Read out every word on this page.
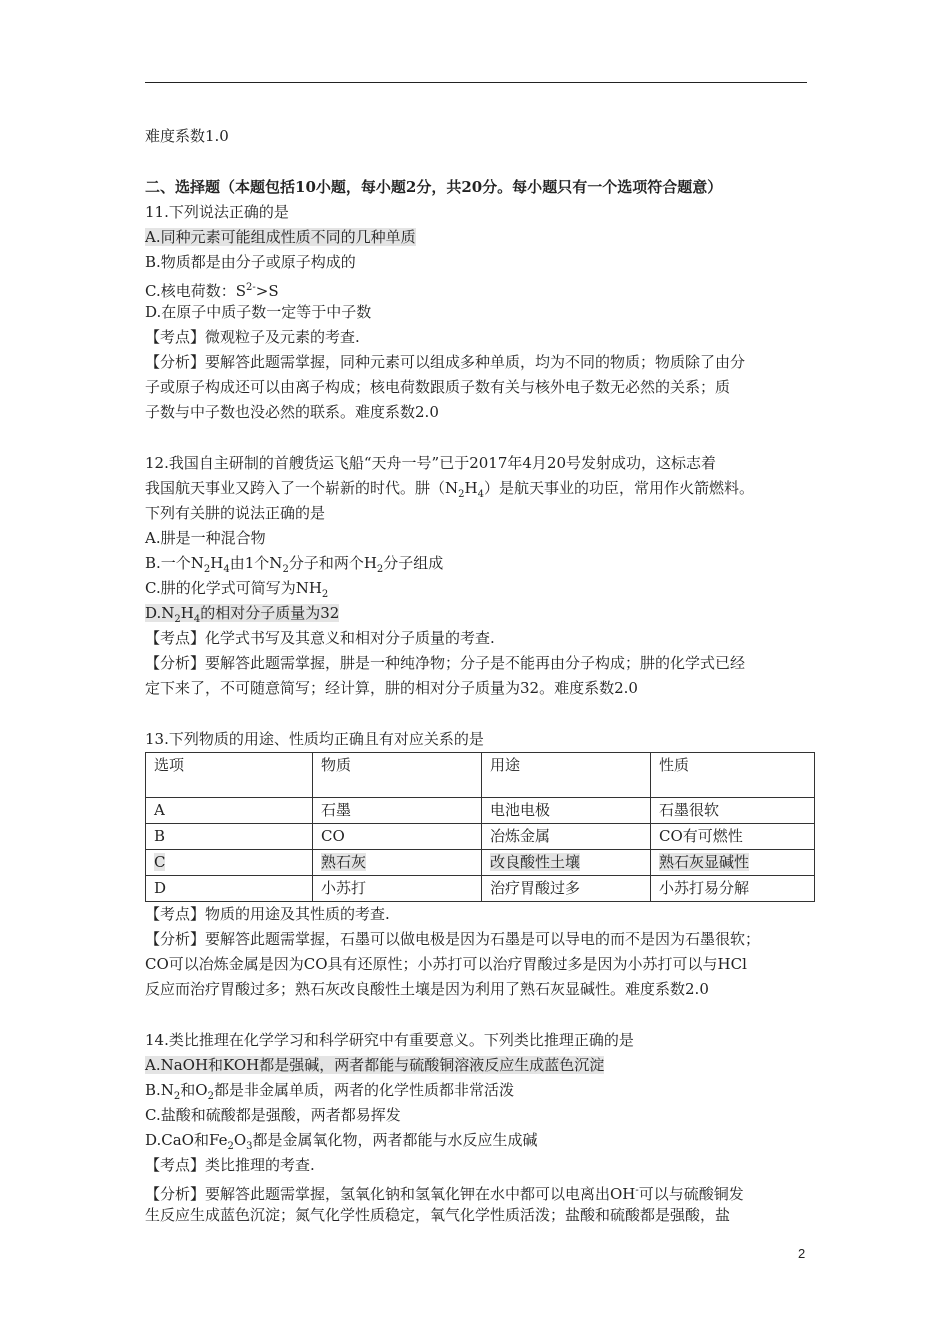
难度系数1.0
二、选择题（本题包括10小题，每小题2分，共20分。每小题只有一个选项符合题意）
11.下列说法正确的是
A.同种元素可能组成性质不同的几种单质
B.物质都是由分子或原子构成的
C.核电荷数：$S^{2-}>S$
D.在原子中质子数一定等于中子数
【考点】微观粒子及元素的考查.
【分析】要解答此题需掌握，同种元素可以组成多种单质，均为不同的物质；物质除了由分
子或原子构成还可以由离子构成；核电荷数跟质子数有关与核外电子数无必然的关系；质
子数与中子数也没必然的联系。难度系数2.0
12.我国自主研制的首艘货运飞船“天舟一号”已于2017年4月20号发射成功，这标志着
我国航天事业又跨入了一个崭新的时代。肼$(N_2H_4)$是航天事业的功臣，常用作火箭燃料。
下列有关肼的说法正确的是
A.肼是一种混合物
B.一个$N_2H_4$由1个$N_2$分子和两个$H_2$分子组成
C.肼的化学式可简写为$NH_2$
$D.N_2H_4$的相对分子质量为32
【考点】化学式书写及其意义和相对分子质量的考查.
【分析】要解答此题需掌握，肼是一种纯净物；分子是不能再由分子构成；肼的化学式已经
定下来了，不可随意简写；经计算，肼的相对分子质量为32。难度系数2.0
13.下列物质的用途、性质均正确且有对应关系的是
选项	物质	用途	性质
A	石墨	电池电极	石墨很软
B	CO	冶炼金属	CO有可燃性
C	熟石灰	改良酸性土壤	熟石灰显碱性
D	小苏打	治疗胃酸过多	小苏打易分解
【考点】物质的用途及其性质的考查.
【分析】要解答此题需掌握，石墨可以做电极是因为石墨是可以导电的而不是因为石墨很软；
CO可以冶炼金属是因为CO具有还原性；小苏打可以治疗胃酸过多是因为小苏打可以与HCl
反应而治疗胃酸过多；熟石灰改良酸性土壤是因为利用了熟石灰显碱性。难度系数2.0
14.类比推理在化学学习和科学研究中有重要意义。下列类比推理正确的是
A.NaOH和KOH都是强碱，两者都能与硫酸铜溶液反应生成蓝色沉淀
$B.N_2$和$O_2$都是非金属单质，两者的化学性质都非常活泼
C.盐酸和硫酸都是强酸，两者都易挥发
D.CaO和$Fe_2O_3$都是金属氧化物，两者都能与水反应生成碱
【考点】类比推理的考查.
【分析】要解答此题需掌握，氢氧化钠和氢氧化钾在水中都可以电离出OH-可以与硫酸铜发
生反应生成蓝色沉淀；氮气化学性质稳定，氧气化学性质活泼；盐酸和硫酸都是强酸，盐
2
